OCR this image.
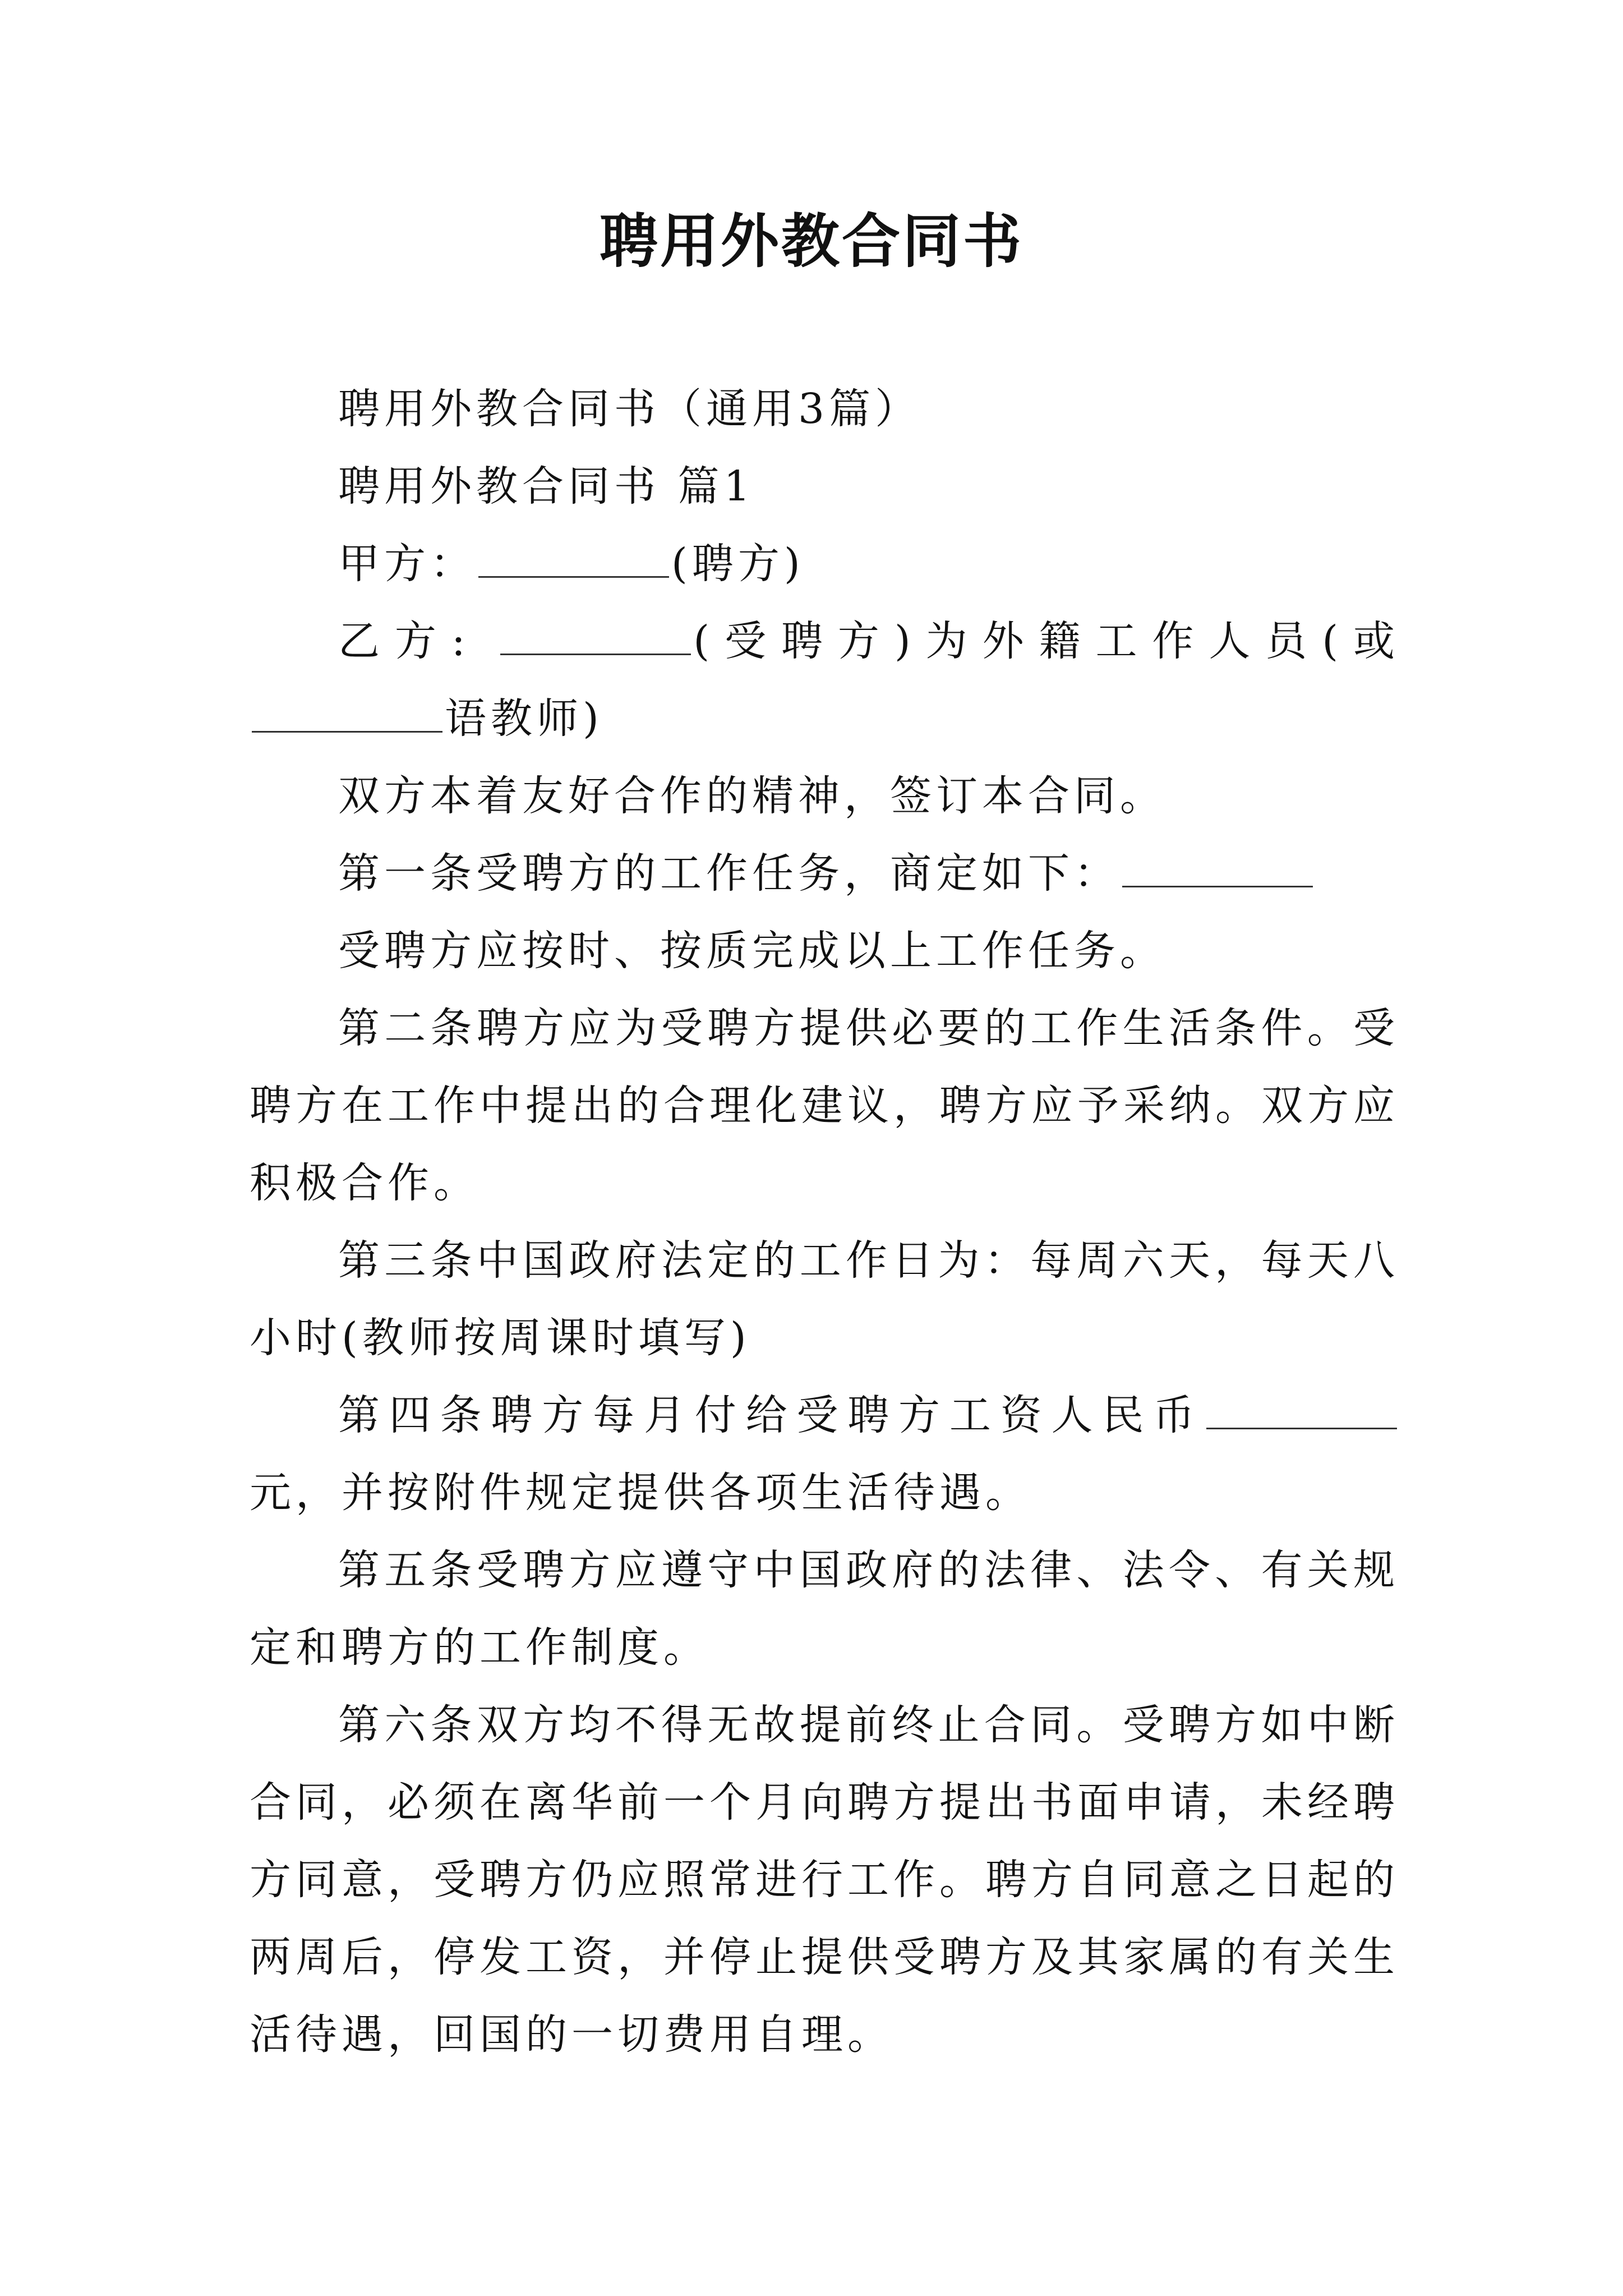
聘用外教合同书

聘用外教合同书（通用3篇）

聘用外教合同书 篇1

甲方：	(聘方)

乙方:	(受聘方)为外籍工作人员(或语教师)

双方本着友好合作的精神，签订本合同。

第一条受聘方的工作任务，商定如下：

受聘方应按时、按质完成以上工作任务。

第二条聘方应为受聘方提供必要的工作生活条件。受聘方在工作中提出的合理化建议，聘方应予采纳。双方应积极合作。

第三条中国政府法定的工作日为：每周六天，每天八小时(教师按周课时填写)

第四条聘方每月付给受聘方工资人民币元，并按附件规定提供各项生活待遇。

第五条受聘方应遵守中国政府的法律、法令、有关规定和聘方的工作制度。

第六条双方均不得无故提前终止合同。受聘方如中断合同，必须在离华前一个月向聘方提出书面申请，未经聘方同意，受聘方仍应照常进行工作。聘方自同意之日起的两周后，停发工资，并停止提供受聘方及其家属的有关生活待遇，回国的一切费用自理。
